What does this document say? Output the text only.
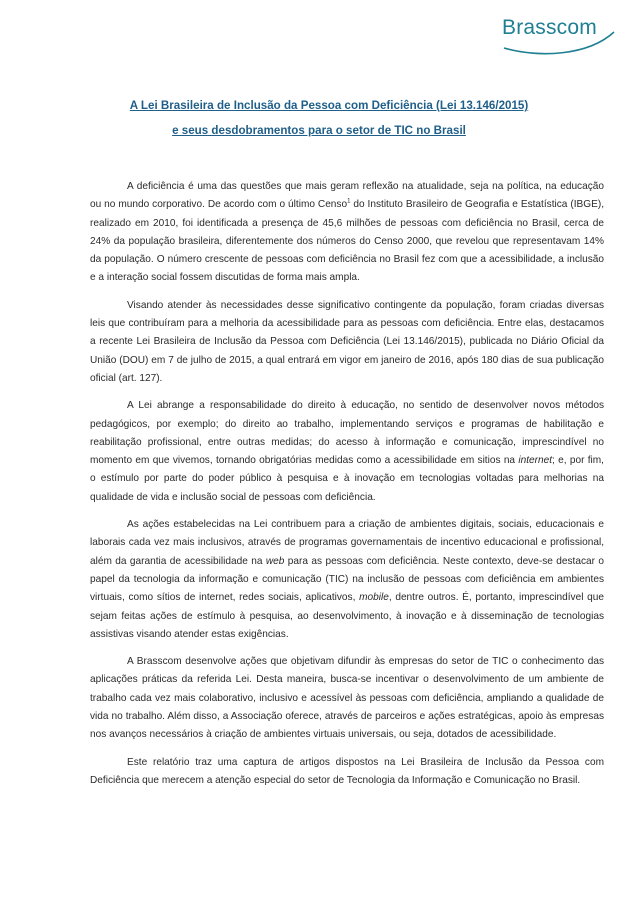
Brasscom
A Lei Brasileira de Inclusão da Pessoa com Deficiência (Lei 13.146/2015)
e seus desdobramentos para o setor de TIC no Brasil

A deficiência é uma das questões que mais geram reflexão na atualidade, seja na política, na educação ou no mundo corporativo. De acordo com o último Censo$^1$ do Instituto Brasileiro de Geografia e Estatística (IBGE), realizado em 2010, foi identificada a presença de 45,6 milhões de pessoas com deficiência no Brasil, cerca de 24% da população brasileira, diferentemente dos números do Censo 2000, que revelou que representavam 14% da população. O número crescente de pessoas com deficiência no Brasil fez com que a acessibilidade, a inclusão e a interação social fossem discutidas de forma mais ampla.

Visando atender às necessidades desse significativo contingente da população, foram criadas diversas leis que contribuíram para a melhoria da acessibilidade para as pessoas com deficiência. Entre elas, destacamos a recente Lei Brasileira de Inclusão da Pessoa com Deficiência (Lei 13.146/2015), publicada no Diário Oficial da União (DOU) em 7 de julho de 2015, a qual entrará em vigor em janeiro de 2016, após 180 dias de sua publicação oficial (art. 127).

A Lei abrange a responsabilidade do direito à educação, no sentido de desenvolver novos métodos pedagógicos, por exemplo; do direito ao trabalho, implementando serviços e programas de habilitação e reabilitação profissional, entre outras medidas; do acesso à informação e comunicação, imprescindível no momento em que vivemos, tornando obrigatórias medidas como a acessibilidade em sitios na internet; e, por fim, o estímulo por parte do poder público à pesquisa e à inovação em tecnologias voltadas para melhorias na qualidade de vida e inclusão social de pessoas com deficiência.

As ações estabelecidas na Lei contribuem para a criação de ambientes digitais, sociais, educacionais e laborais cada vez mais inclusivos, através de programas governamentais de incentivo educacional e profissional, além da garantia de acessibilidade na web para as pessoas com deficiência. Neste contexto, deve-se destacar o papel da tecnologia da informação e comunicação (TIC) na inclusão de pessoas com deficiência em ambientes virtuais, como sítios de internet, redes sociais, aplicativos, mobile, dentre outros. É, portanto, imprescindível que sejam feitas ações de estímulo à pesquisa, ao desenvolvimento, à inovação e à disseminação de tecnologias assistivas visando atender estas exigências.

A Brasscom desenvolve ações que objetivam difundir às empresas do setor de TIC o conhecimento das aplicações práticas da referida Lei. Desta maneira, busca-se incentivar o desenvolvimento de um ambiente de trabalho cada vez mais colaborativo, inclusivo e acessível às pessoas com deficiência, ampliando a qualidade de vida no trabalho. Além disso, a Associação oferece, através de parceiros e ações estratégicas, apoio às empresas nos avanços necessários à criação de ambientes virtuais universais, ou seja, dotados de acessibilidade.

Este relatório traz uma captura de artigos dispostos na Lei Brasileira de Inclusão da Pessoa com Deficiência que merecem a atenção especial do setor de Tecnologia da Informação e Comunicação no Brasil.
